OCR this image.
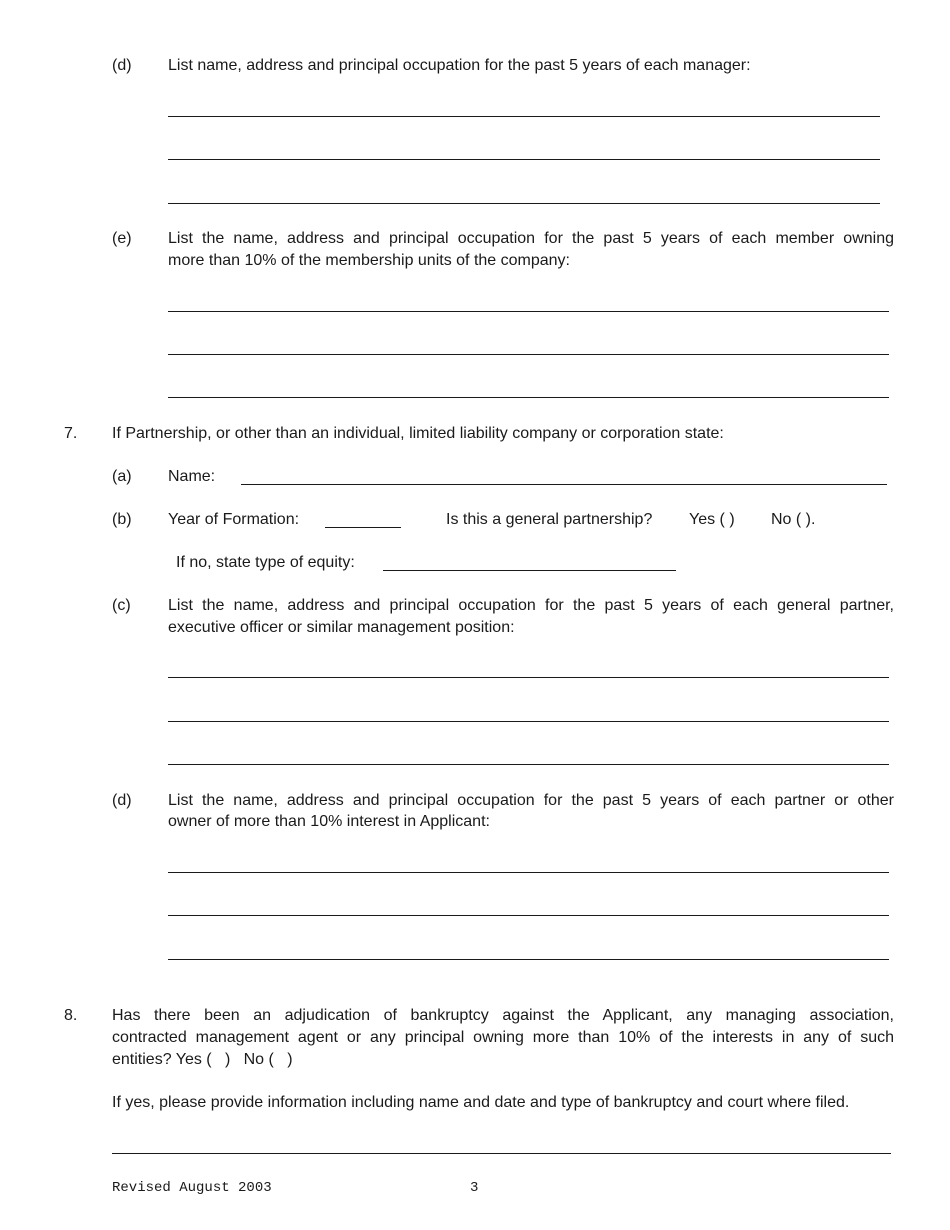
(d) List name, address and principal occupation for the past 5 years of each manager:
(e) List the name, address and principal occupation for the past 5 years of each member owning
more than 10% of the membership units of the company:
7. If Partnership, or other than an individual, limited liability company or corporation state:
(a) Name:
(b) Year of Formation:	Is this a general partnership? Yes ( ) No ( ).
If no, state type of equity:
(c) List the name, address and principal occupation for the past 5 years of each general partner,
executive officer or similar management position:
(d) List the name, address and principal occupation for the past 5 years of each partner or other
owner of more than 10% interest in Applicant:
8. Has there been an adjudication of bankruptcy against the Applicant, any managing association,
contracted management agent or any principal owning more than 10% of the interests in any of such
entities? Yes (   )   No (   )
If yes, please provide information including name and date and type of bankruptcy and court where filed.
Revised August 2003	3
